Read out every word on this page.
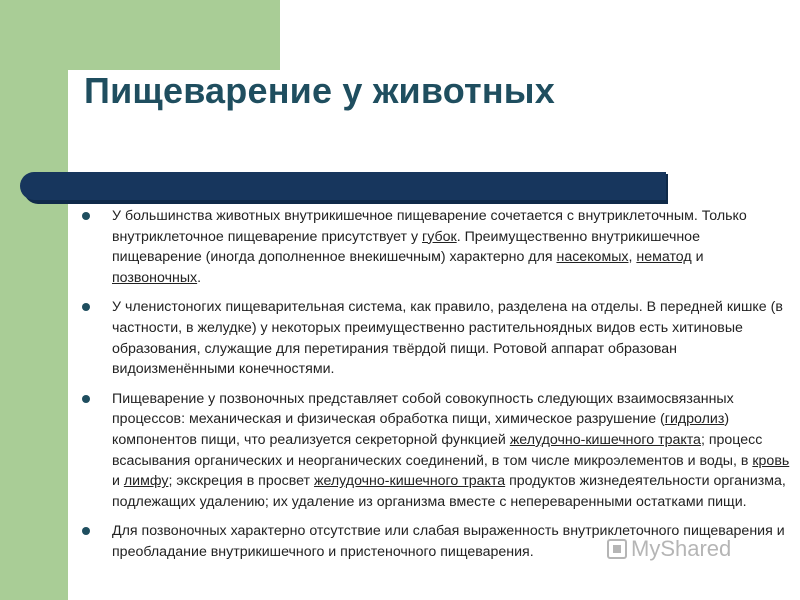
Пищеварение у животных
У большинства животных внутрикишечное пищеварение сочетается с внутриклеточным. Только внутриклеточное пищеварение присутствует у губок. Преимущественно внутрикишечное пищеварение (иногда дополненное внекишечным) характерно для насекомых, нематод и позвоночных.
У членистоногих пищеварительная система, как правило, разделена на отделы. В передней кишке (в частности, в желудке) у некоторых преимущественно растительноядных видов есть хитиновые образования, служащие для перетирания твёрдой пищи. Ротовой аппарат образован видоизменёнными конечностями.
Пищеварение у позвоночных представляет собой совокупность следующих взаимосвязанных процессов: механическая и физическая обработка пищи, химическое разрушение (гидролиз) компонентов пищи, что реализуется секреторной функцией желудочно-кишечного тракта; процесс всасывания органических и неорганических соединений, в том числе микроэлементов и воды, в кровь и лимфу; экскреция в просвет желудочно-кишечного тракта продуктов жизнедеятельности организма, подлежащих удалению; их удаление из организма вместе с непереваренными остатками пищи.
Для позвоночных характерно отсутствие или слабая выраженность внутриклеточного пищеварения и преобладание внутрикишечного и пристеночного пищеварения.	MyShared
